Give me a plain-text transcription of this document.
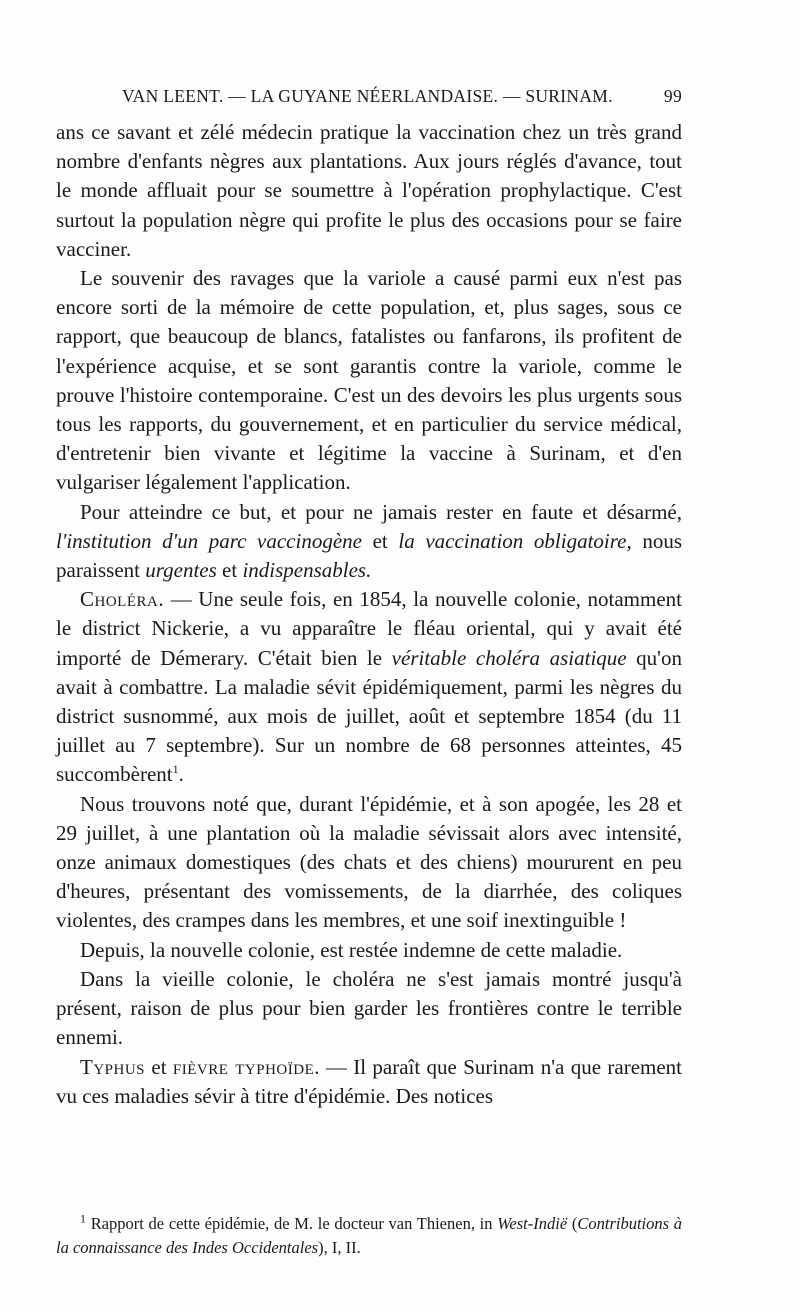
VAN LEENT. — LA GUYANE NÉERLANDAISE. — SURINAM.	99

ans ce savant et zélé médecin pratique la vaccination chez un très grand nombre d'enfants nègres aux plantations. Aux jours réglés d'avance, tout le monde affluait pour se soumettre à l'opération prophylactique. C'est surtout la population nègre qui profite le plus des occasions pour se faire vacciner.

Le souvenir des ravages que la variole a causé parmi eux n'est pas encore sorti de la mémoire de cette population, et, plus sages, sous ce rapport, que beaucoup de blancs, fatalistes ou fanfarons, ils profitent de l'expérience acquise, et se sont garantis contre la variole, comme le prouve l'histoire contemporaine. C'est un des devoirs les plus urgents sous tous les rapports, du gouvernement, et en particulier du service médical, d'entretenir bien vivante et légitime la vaccine à Surinam, et d'en vulgariser légalement l'application.

Pour atteindre ce but, et pour ne jamais rester en faute et désarmé, l'institution d'un parc vaccinogène et la vaccination obligatoire, nous paraissent urgentes et indispensables.

Choléra. — Une seule fois, en 1854, la nouvelle colonie, notamment le district Nickerie, a vu apparaître le fléau oriental, qui y avait été importé de Démerary. C'était bien le véritable choléra asiatique qu'on avait à combattre. La maladie sévit épidémiquement, parmi les nègres du district susnommé, aux mois de juillet, août et septembre 1854 (du 11 juillet au 7 septembre). Sur un nombre de 68 personnes atteintes, 45 succombèrent$^1$.

Nous trouvons noté que, durant l'épidémie, et à son apogée, les 28 et 29 juillet, à une plantation où la maladie sévissait alors avec intensité, onze animaux domestiques (des chats et des chiens) moururent en peu d'heures, présentant des vomissements, de la diarrhée, des coliques violentes, des crampes dans les membres, et une soif inextinguible !

Depuis, la nouvelle colonie, est restée indemne de cette maladie.

Dans la vieille colonie, le choléra ne s'est jamais montré jusqu'à présent, raison de plus pour bien garder les frontières contre le terrible ennemi.

Typhus et fièvre typhoïde. — Il paraît que Surinam n'a que rarement vu ces maladies sévir à titre d'épidémie. Des notices

$^1$ Rapport de cette épidémie, de M. le docteur van Thienen, in West-Indië (Contributions à la connaissance des Indes Occidentales), I, II.
